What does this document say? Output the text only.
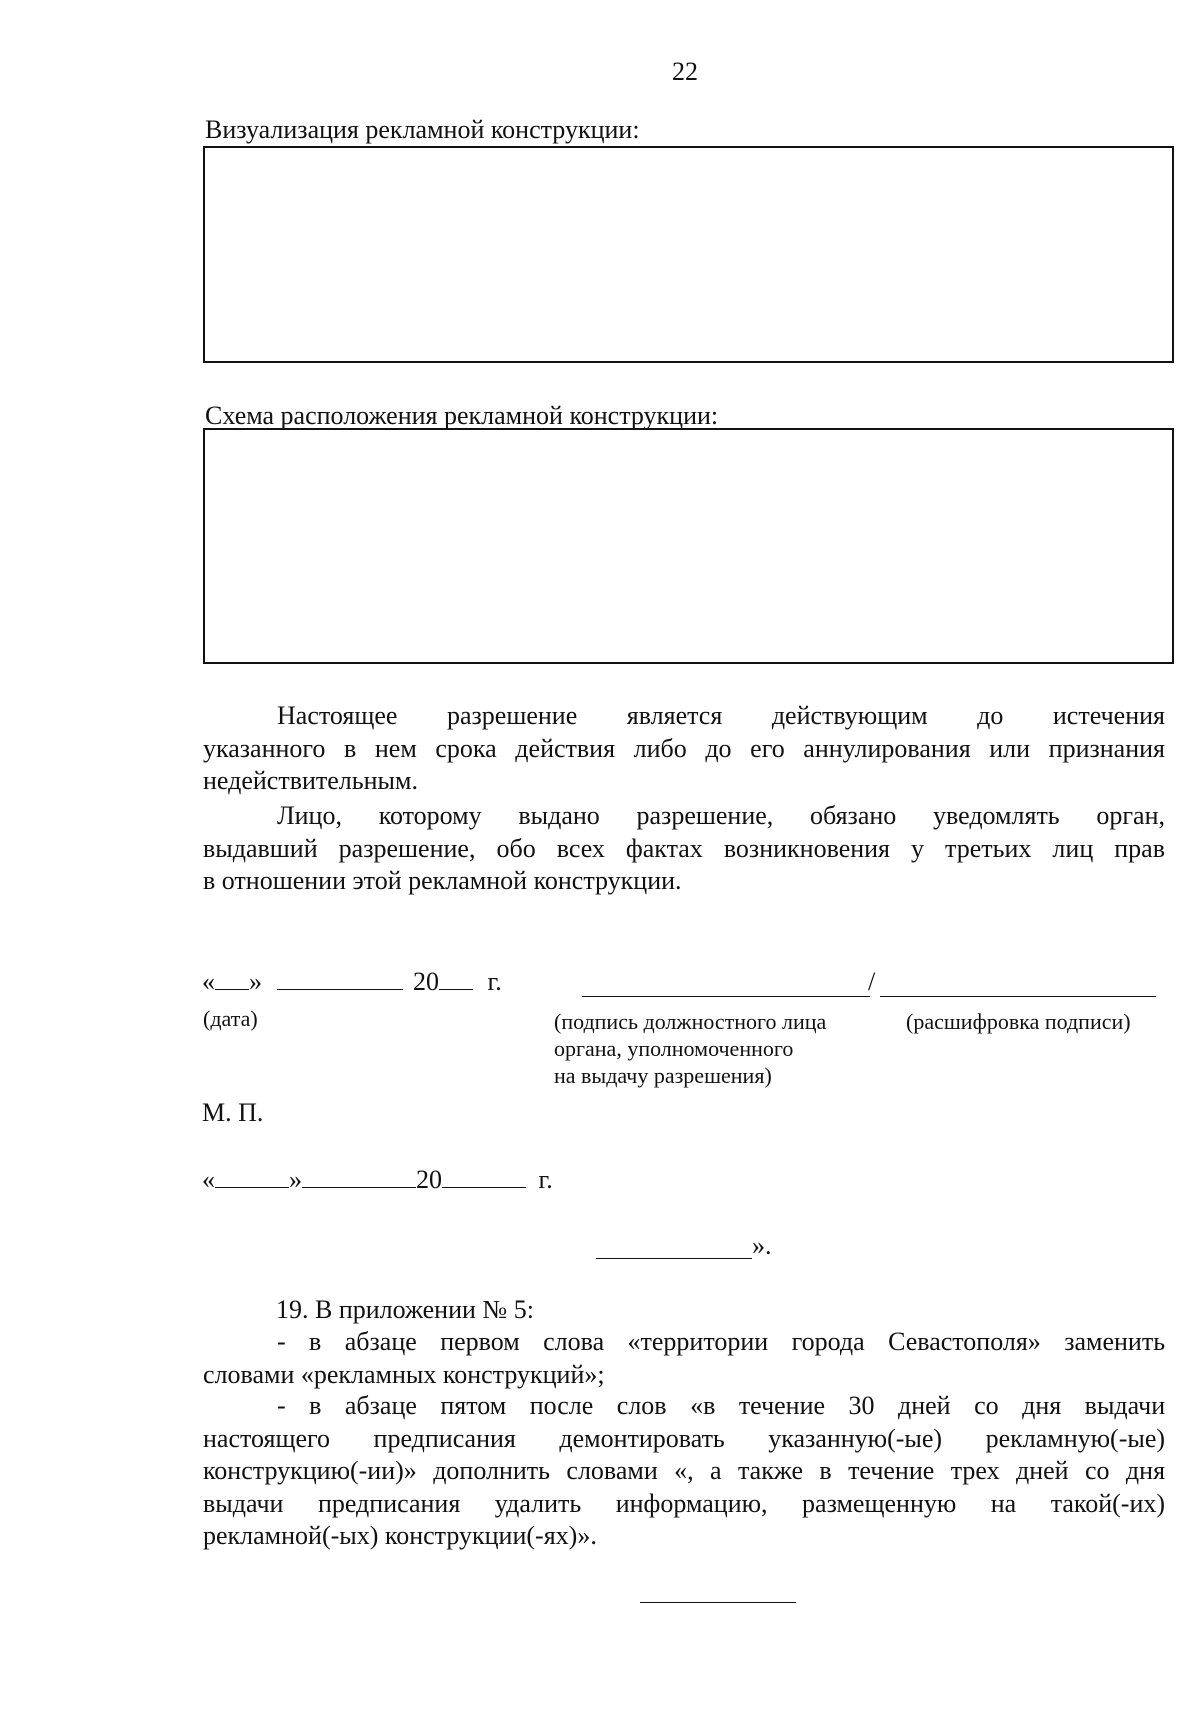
22
Визуализация рекламной конструкции:
Схема расположения рекламной конструкции:
Настоящее разрешение является действующим до истечения
указанного в нем срока действия либо до его аннулирования или признания
недействительным.
Лицо, которому выдано разрешение, обязано уведомлять орган,
выдавший разрешение, обо всех фактах возникновения у третьих лиц прав
в отношении этой рекламной конструкции.
« »	20 г.	/
(дата)	(подпись должностного лица
органа, уполномоченного
на выдачу разрешения)
(расшифровка подписи)
М. П.
«	»	20	г.
».
19. В приложении № 5:
- в абзаце первом слова «территории города Севастополя» заменить
словами «рекламных конструкций»;
- в абзаце пятом после слов «в течение 30 дней со дня выдачи
настоящего предписания демонтировать указанную(-ые) рекламную(-ые)
конструкцию(-ии)» дополнить словами «, а также в течение трех дней со дня
выдачи предписания удалить информацию, размещенную на такой(-их)
рекламной(-ых) конструкции(-ях)».
